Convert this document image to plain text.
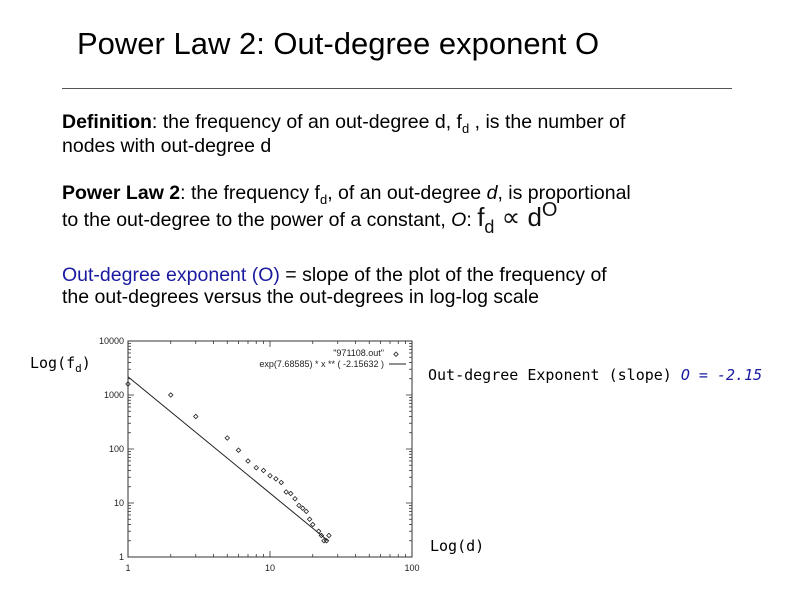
Power Law 2: Out-degree exponent O
Definition: the frequency of an out-degree d, $f_d$ , is the number of
nodes with out-degree d
Power Law 2: the frequency $f_d$, of an out-degree d, is proportional
to the out-degree to the power of a constant, O: $f_d \propto d^O$
Out-degree exponent (O) = slope of the plot of the frequency of
the out-degrees versus the out-degrees in log-log scale
$Log(f_d)$
Out-degree Exponent (slope) O = -2.15
Log(d)
1
10
100
1000
10000
1	10	100
"971108.out"
exp(7.68585) * x ** ( -2.15632 )
